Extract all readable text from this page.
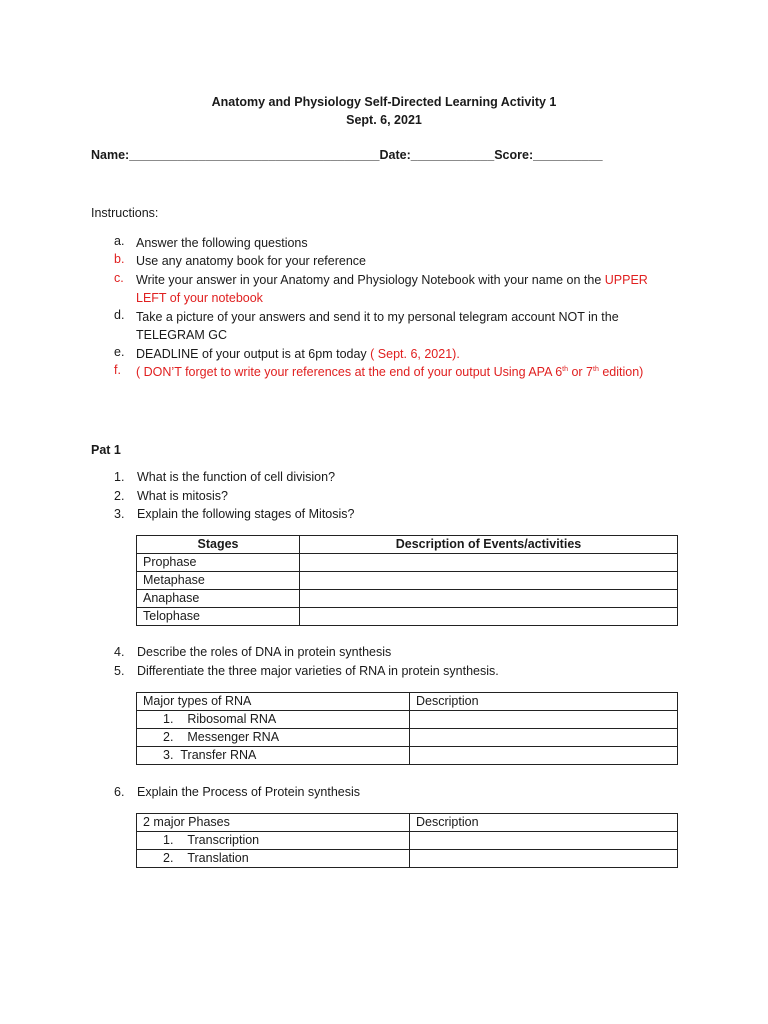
Anatomy and Physiology Self-Directed Learning Activity 1
Sept. 6, 2021
Name:____________________________________Date:____________Score:__________
Instructions:
a. Answer the following questions
b. Use any anatomy book for your reference
c. Write your answer in your Anatomy and Physiology Notebook with your name on the UPPER LEFT of your notebook
d. Take a picture of your answers and send it to my personal telegram account NOT in the TELEGRAM GC
e. DEADLINE of your output is at 6pm today ( Sept. 6, 2021).
f.	( DON’T forget to write your references at the end of your output Using APA 6th or 7th edition)
Pat 1
1.	What is the function of cell division?
2.	What is mitosis?
3.	Explain the following stages of Mitosis?
Stages	Description of Events/activities
Prophase	
Metaphase	
Anaphase	
Telophase	
4.	Describe the roles of DNA in protein synthesis
5.	Differentiate the three major varieties of RNA in protein synthesis.
Major types of RNA	Description
1. Ribosomal RNA	
2. Messenger RNA	
3. Transfer RNA	
6.	Explain the Process of Protein synthesis
2 major Phases	Description
1. Transcription	
2. Translation	
